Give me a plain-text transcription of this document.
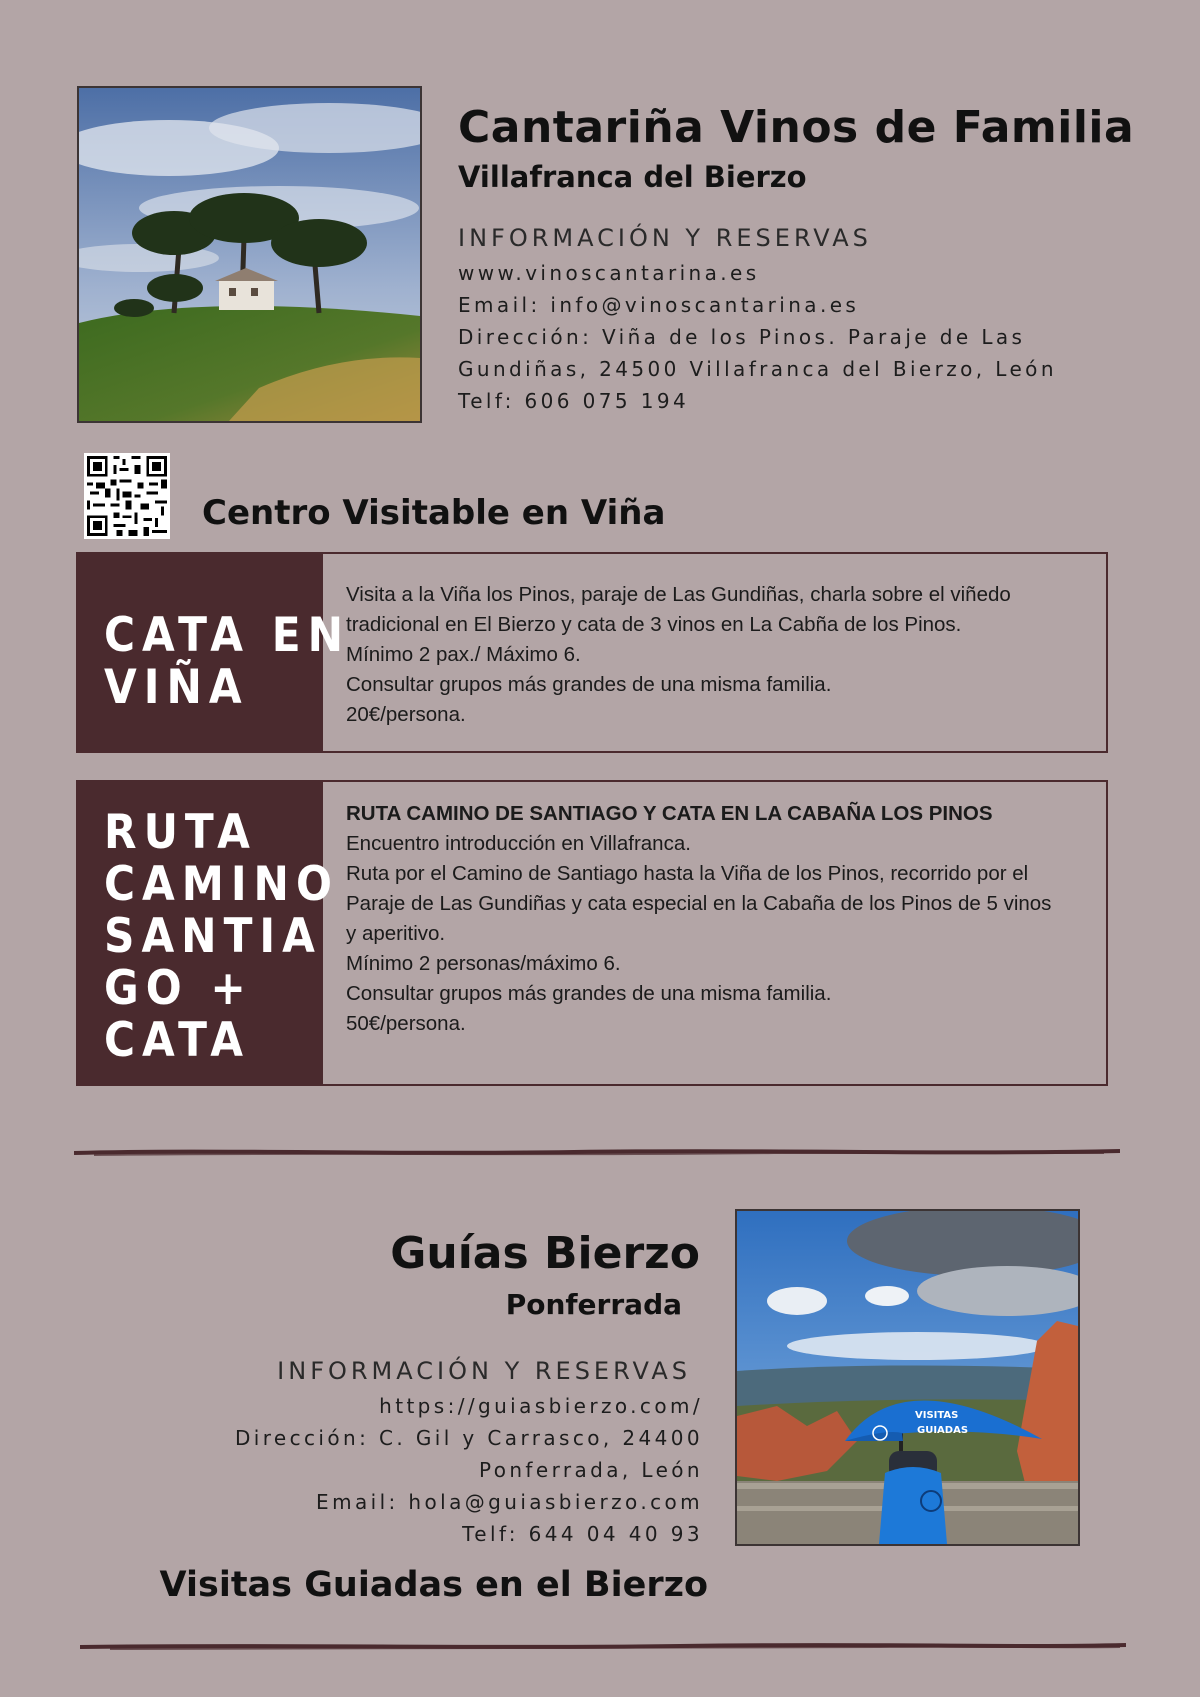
Cantariña Vinos de Familia
Villafranca del Bierzo
INFORMACIÓN Y RESERVAS
www.vinoscantarina.es
Email: info@vinoscantarina.es
Dirección: Viña de los Pinos. Paraje de Las
Gundiñas, 24500 Villafranca del Bierzo, León
Telf: 606 075 194
Centro Visitable en Viña
CATA EN
VIÑA
Visita a la Viña los Pinos, paraje de Las Gundiñas, charla sobre el viñedo
tradicional en El Bierzo y cata de 3 vinos en La Cabña de los Pinos.
Mínimo 2 pax./ Máximo 6.
Consultar grupos más grandes de una misma familia.
20€/persona.
RUTA
CAMINO
SANTIA
GO +
CATA
RUTA CAMINO DE SANTIAGO Y CATA EN LA CABAÑA LOS PINOS
Encuentro introducción en Villafranca.
Ruta por el Camino de Santiago hasta la Viña de los Pinos, recorrido por el
Paraje de Las Gundiñas y cata especial en la Cabaña de los Pinos de 5 vinos
y aperitivo.
Mínimo 2 personas/máximo 6.
Consultar grupos más grandes de una misma familia.
50€/persona.
Guías Bierzo
Ponferrada
INFORMACIÓN Y RESERVAS
https://guiasbierzo.com/
Dirección: C. Gil y Carrasco, 24400
Ponferrada, León
Email: hola@guiasbierzo.com
Telf: 644 04 40 93
Visitas Guiadas en el Bierzo
VISITAS
GUIADAS
